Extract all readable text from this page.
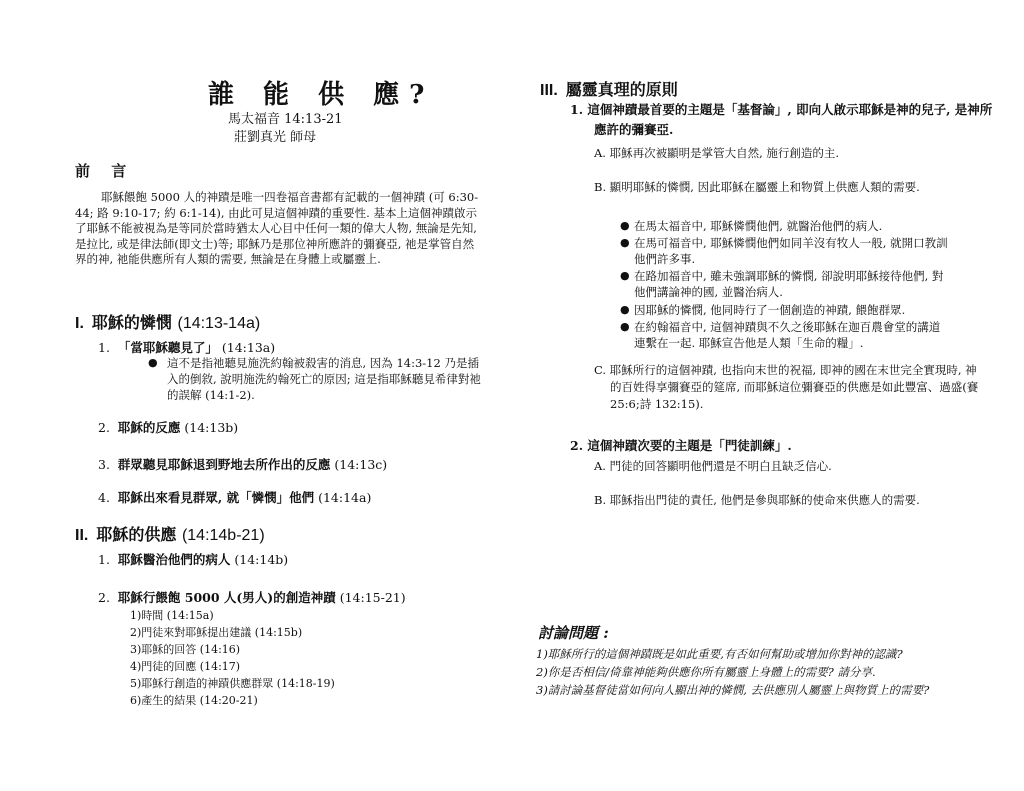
誰 能 供 應?
馬太福音 14:13-21
莊劉真光 師母
前 言
耶穌餵飽 5000 人的神蹟是唯一四卷福音書都有記載的一個神蹟 (可 6:30-44; 路 9:10-17; 約 6:1-14), 由此可見這個神蹟的重要性. 基本上這個神蹟啟示了耶穌不能被視為是等同於當時猶太人心目中任何一類的偉大人物, 無論是先知, 是拉比, 或是律法師(即文士)等; 耶穌乃是那位神所應許的彌賽亞, 祂是掌管自然界的神, 祂能供應所有人類的需要, 無論是在身體上或屬靈上.
I. 耶穌的憐憫 (14:13-14a)
1. 「當耶穌聽見了」 (14:13a)
● 這不是指祂聽見施洗約翰被殺害的消息, 因為 14:3-12 乃是插入的倒敘, 說明施洗約翰死亡的原因; 這是指耶穌聽見希律對祂的誤解 (14:1-2).
2. 耶穌的反應 (14:13b)
3. 群眾聽見耶穌退到野地去所作出的反應 (14:13c)
4. 耶穌出來看見群眾, 就「憐憫」他們 (14:14a)
II. 耶穌的供應 (14:14b-21)
1. 耶穌醫治他們的病人 (14:14b)
2. 耶穌行餵飽 5000 人(男人)的創造神蹟 (14:15-21)
1)時間 (14:15a)
2)門徒來對耶穌提出建議 (14:15b)
3)耶穌的回答 (14:16)
4)門徒的回應 (14:17)
5)耶穌行創造的神蹟供應群眾 (14:18-19)
6)產生的結果 (14:20-21)
III. 屬靈真理的原則
1. 這個神蹟最首要的主題是「基督論」, 即向人啟示耶穌是神的兒子, 是神所應許的彌賽亞.
A. 耶穌再次被顯明是掌管大自然, 施行創造的主.
B. 顯明耶穌的憐憫, 因此耶穌在屬靈上和物質上供應人類的需要.
● 在馬太福音中, 耶穌憐憫他們, 就醫治他們的病人.
● 在馬可福音中, 耶穌憐憫他們如同羊沒有牧人一般, 就開口教訓他們許多事.
● 在路加福音中, 雖未強調耶穌的憐憫, 卻說明耶穌接待他們, 對他們講論神的國, 並醫治病人.
● 因耶穌的憐憫, 他同時行了一個創造的神蹟, 餵飽群眾.
● 在約翰福音中, 這個神蹟與不久之後耶穌在迦百農會堂的講道連繫在一起. 耶穌宣告他是人類「生命的糧」.
C. 耶穌所行的這個神蹟, 也指向末世的祝福, 即神的國在末世完全實現時, 神的百姓得享彌賽亞的筵席, 而耶穌這位彌賽亞的供應是如此豐富、過盛(賽 25:6;詩 132:15).
2. 這個神蹟次要的主題是「門徒訓練」.
A. 門徒的回答顯明他們還是不明白且缺乏信心.
B. 耶穌指出門徒的責任, 他們是參與耶穌的使命來供應人的需要.
討論問題 :
1)耶穌所行的這個神蹟既是如此重要,有否如何幫助或增加你對神的認識?
2)你是否相信/倚靠神能夠供應你所有屬靈上身體上的需要? 請分享.
3)請討論基督徒當如何向人顯出神的憐憫, 去供應別人屬靈上與物質上的需要?
